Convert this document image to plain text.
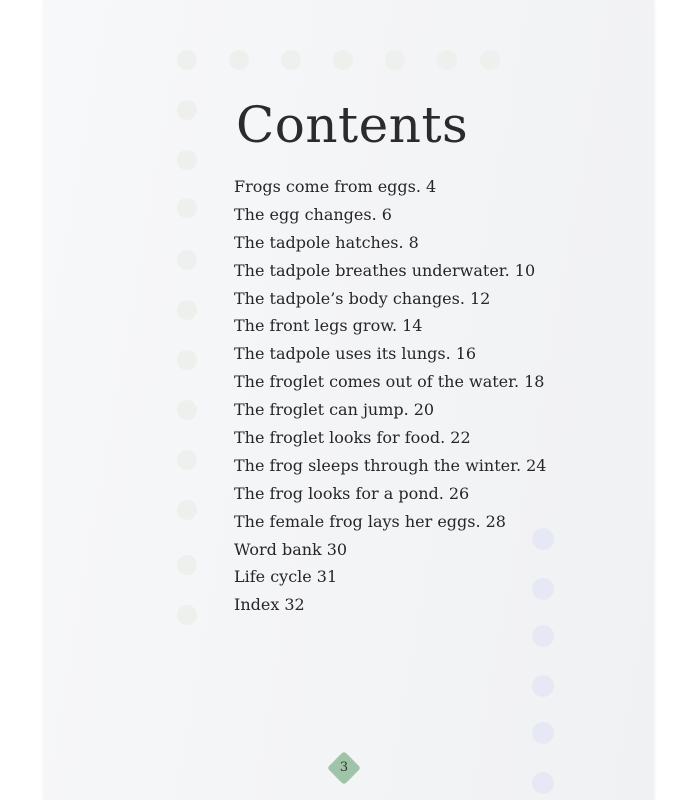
Contents
Frogs come from eggs. 4
The egg changes. 6
The tadpole hatches. 8
The tadpole breathes underwater. 10
The tadpole’s body changes. 12
The front legs grow. 14
The tadpole uses its lungs. 16
The froglet comes out of the water. 18
The froglet can jump. 20
The froglet looks for food. 22
The frog sleeps through the winter. 24
The frog looks for a pond. 26
The female frog lays her eggs. 28
Word bank 30
Life cycle 31
Index 32
3
